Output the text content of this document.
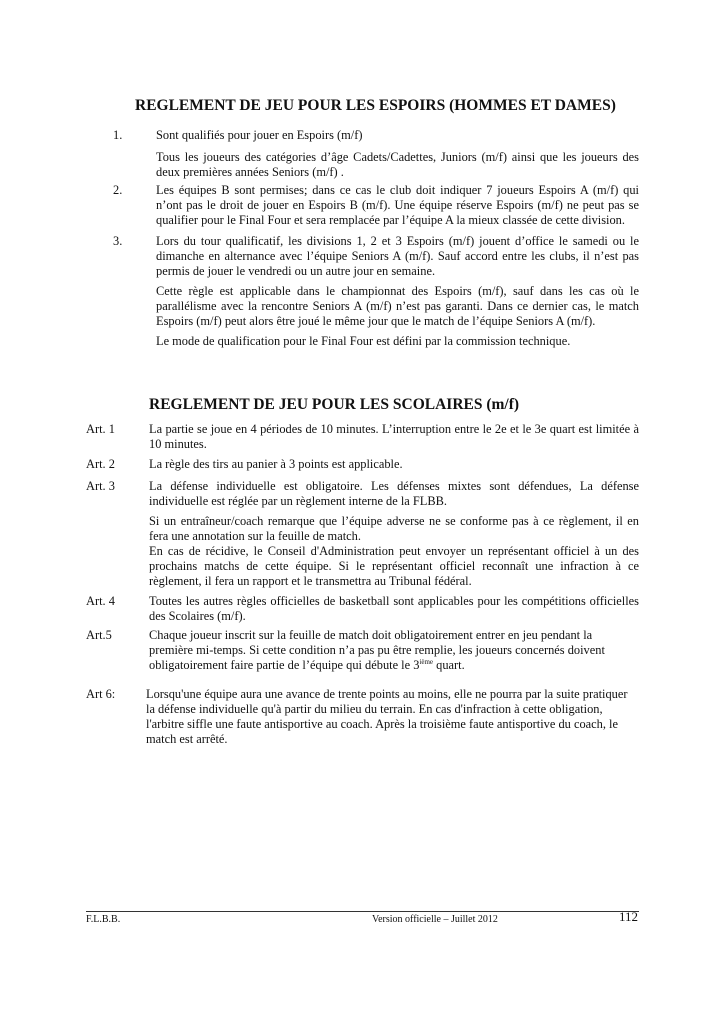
REGLEMENT DE JEU POUR LES ESPOIRS (HOMMES ET DAMES)
1.	Sont qualifiés pour jouer en Espoirs (m/f)
Tous les joueurs des catégories d’âge Cadets/Cadettes, Juniors (m/f) ainsi que les joueurs des deux premières années Seniors (m/f) .
2.	Les équipes B sont permises; dans ce cas le club doit indiquer 7 joueurs Espoirs A (m/f) qui n’ont pas le droit de jouer en Espoirs B (m/f). Une équipe réserve Espoirs (m/f) ne peut pas se qualifier pour le Final Four et sera remplacée par l’équipe A la mieux classée de cette division.
3.	Lors du tour qualificatif, les divisions 1, 2 et 3 Espoirs (m/f) jouent d’office le samedi ou le dimanche en alternance avec l’équipe Seniors A (m/f). Sauf accord entre les clubs, il n’est pas permis de jouer le vendredi ou un autre jour en semaine.
Cette règle est applicable dans le championnat des Espoirs (m/f), sauf dans les cas où le parallélisme avec la rencontre Seniors A (m/f) n’est pas garanti. Dans ce dernier cas, le match Espoirs (m/f) peut alors être joué le même jour que le match de l’équipe Seniors A (m/f).
Le mode de qualification pour le Final Four est défini par la commission technique.
REGLEMENT DE JEU POUR LES SCOLAIRES (m/f)
Art. 1	La partie se joue en 4 périodes de 10 minutes. L’interruption entre le 2e et le 3e quart est limitée à 10 minutes.
Art. 2	La règle des tirs au panier à 3 points est applicable.
Art. 3	La défense individuelle est obligatoire. Les défenses mixtes sont défendues, La défense individuelle est réglée par un règlement interne de la FLBB.
Si un entraîneur/coach remarque que l’équipe adverse ne se conforme pas à ce règlement, il en fera une annotation sur la feuille de match.
En cas de récidive, le Conseil d'Administration peut envoyer un représentant officiel à un des prochains matchs de cette équipe. Si le représentant officiel reconnaît une infraction à ce règlement, il fera un rapport et le transmettra au Tribunal fédéral.
Art. 4	Toutes les autres règles officielles de basketball sont applicables pour les compétitions officielles des Scolaires (m/f).
Art.5	Chaque joueur inscrit sur la feuille de match doit obligatoirement entrer en jeu pendant la première mi-temps. Si cette condition n’a pas pu être remplie, les joueurs concernés doivent obligatoirement faire partie de l’équipe qui débute le 3ième quart.
Art 6: Lorsqu'une équipe aura une avance de trente points au moins, elle ne pourra par la suite pratiquer la défense individuelle qu'à partir du milieu du terrain. En cas d'infraction à cette obligation, l'arbitre siffle une faute antisportive au coach. Après la troisième faute antisportive du coach, le match est arrêté.
F.L.B.B.	Version officielle – Juillet 2012	112
